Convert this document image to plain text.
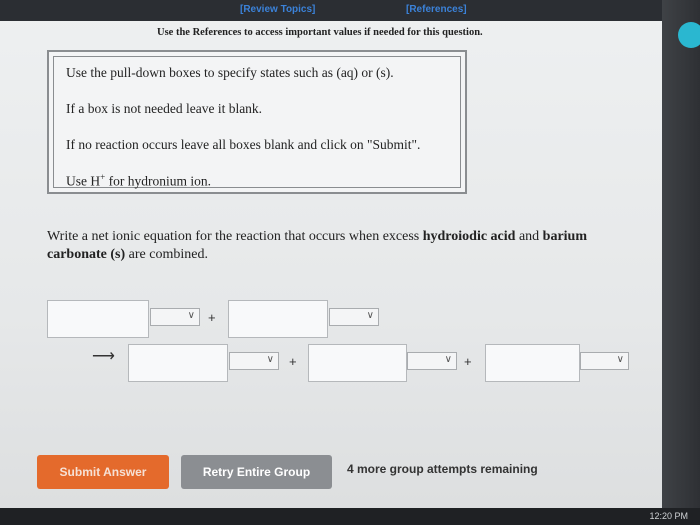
[Review Topics]	[References]
Use the References to access important values if needed for this question.
Use the pull-down boxes to specify states such as (aq) or (s).
If a box is not needed leave it blank.
If no reaction occurs leave all boxes blank and click on "Submit".
Use H+ for hydronium ion.
Write a net ionic equation for the reaction that occurs when excess hydroiodic acid and barium carbonate (s) are combined.
∨ +	∨
⟶	∨ +	∨ +	∨
Submit Answer	Retry Entire Group	4 more group attempts remaining
12:20 PM
